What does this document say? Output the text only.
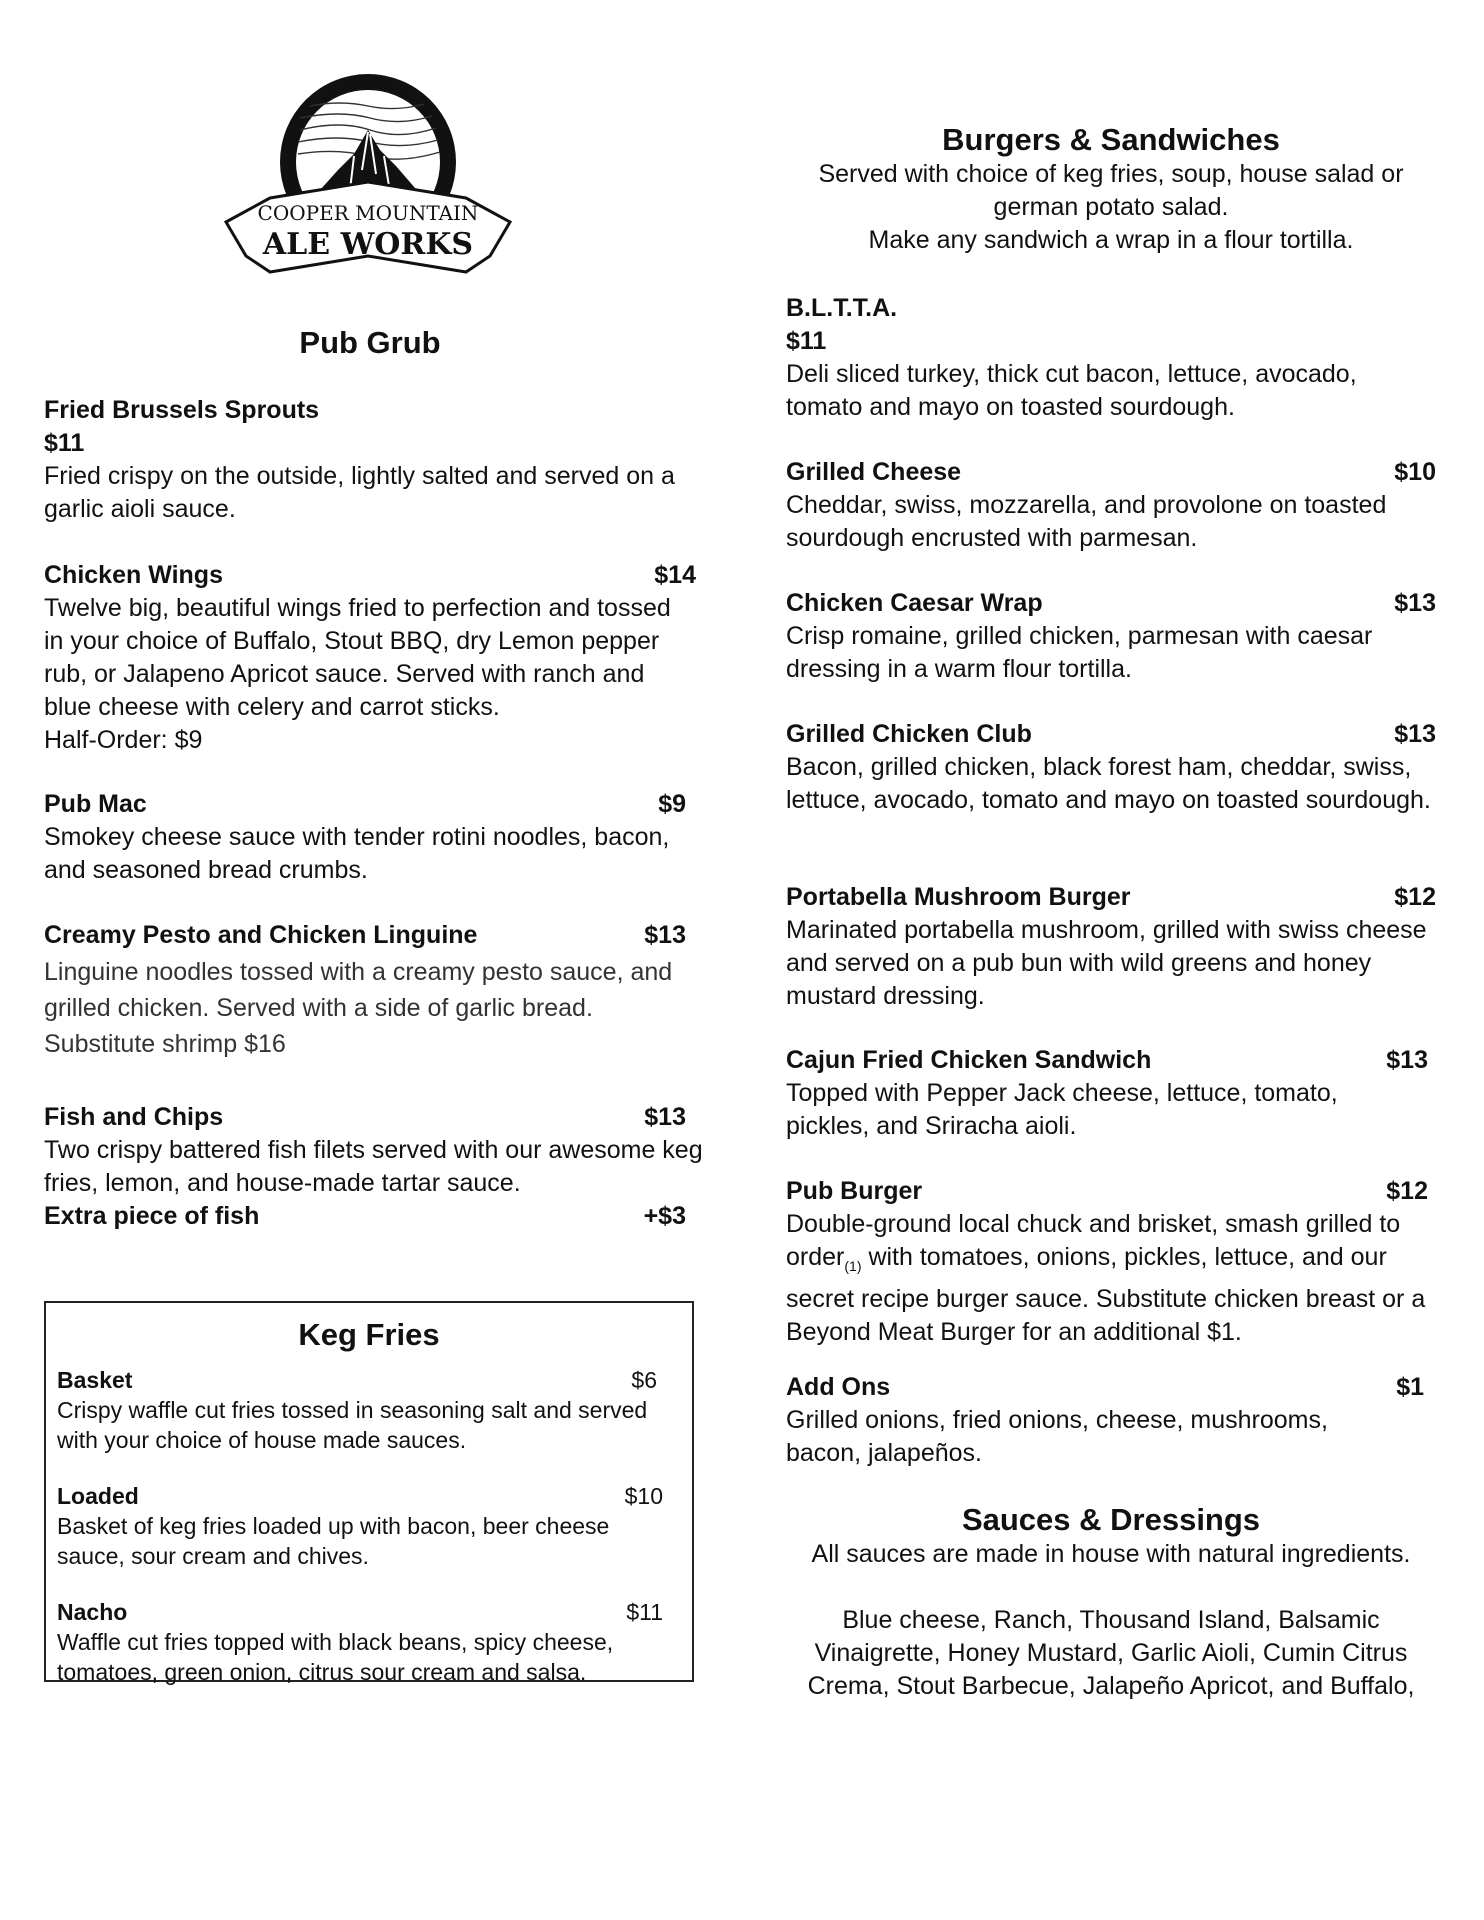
COOPER MOUNTAIN
ALE WORKS
Pub Grub
Fried Brussels Sprouts
$11
Fried crispy on the outside, lightly salted and served on a garlic aioli sauce.
Chicken Wings	$14
Twelve big, beautiful wings fried to perfection and tossed in your choice of Buffalo, Stout BBQ, dry Lemon pepper rub, or Jalapeno Apricot sauce. Served with ranch and blue cheese with celery and carrot sticks.
Half-Order: $9
Pub Mac	$9
Smokey cheese sauce with tender rotini noodles, bacon, and seasoned bread crumbs.
Creamy Pesto and Chicken Linguine	$13
Linguine noodles tossed with a creamy pesto sauce, and grilled chicken. Served with a side of garlic bread.
Substitute shrimp $16
Fish and Chips	$13
Two crispy battered fish filets served with our awesome keg fries, lemon, and house-made tartar sauce.
Extra piece of fish	+$3
Keg Fries
Basket	$6
Crispy waffle cut fries tossed in seasoning salt and served with your choice of house made sauces.
Loaded	$10
Basket of keg fries loaded up with bacon, beer cheese sauce, sour cream and chives.
Nacho	$11
Waffle cut fries topped with black beans, spicy cheese, tomatoes, green onion, citrus sour cream and salsa.
Burgers & Sandwiches

Served with choice of keg fries, soup, house salad or german potato salad.

Make any sandwich a wrap in a flour tortilla.

B.L.T.T.A.
$11
Deli sliced turkey, thick cut bacon, lettuce, avocado, tomato and mayo on toasted sourdough.
Grilled Cheese	$10
Cheddar, swiss, mozzarella, and provolone on toasted sourdough encrusted with parmesan.
Chicken Caesar Wrap	$13
Crisp romaine, grilled chicken, parmesan with caesar dressing in a warm flour tortilla.
Grilled Chicken Club	$13
Bacon, grilled chicken, black forest ham, cheddar, swiss, lettuce, avocado, tomato and mayo on toasted sourdough.
Portabella Mushroom Burger	$12
Marinated portabella mushroom, grilled with swiss cheese and served on a pub bun with wild greens and honey mustard dressing.
Cajun Fried Chicken Sandwich	$13
Topped with Pepper Jack cheese, lettuce, tomato, pickles, and Sriracha aioli.
Pub Burger	$12
Double-ground local chuck and brisket, smash grilled to order$_{(1)}$ with tomatoes, onions, pickles, lettuce, and our secret recipe burger sauce. Substitute chicken breast or a Beyond Meat Burger for an additional $1.
Add Ons	$1
Grilled onions, fried onions, cheese, mushrooms, bacon, jalapeños.
Sauces & Dressings

All sauces are made in house with natural ingredients.

Blue cheese, Ranch, Thousand Island, Balsamic Vinaigrette, Honey Mustard, Garlic Aioli, Cumin Citrus Crema, Stout Barbecue, Jalapeño Apricot, and Buffalo,
